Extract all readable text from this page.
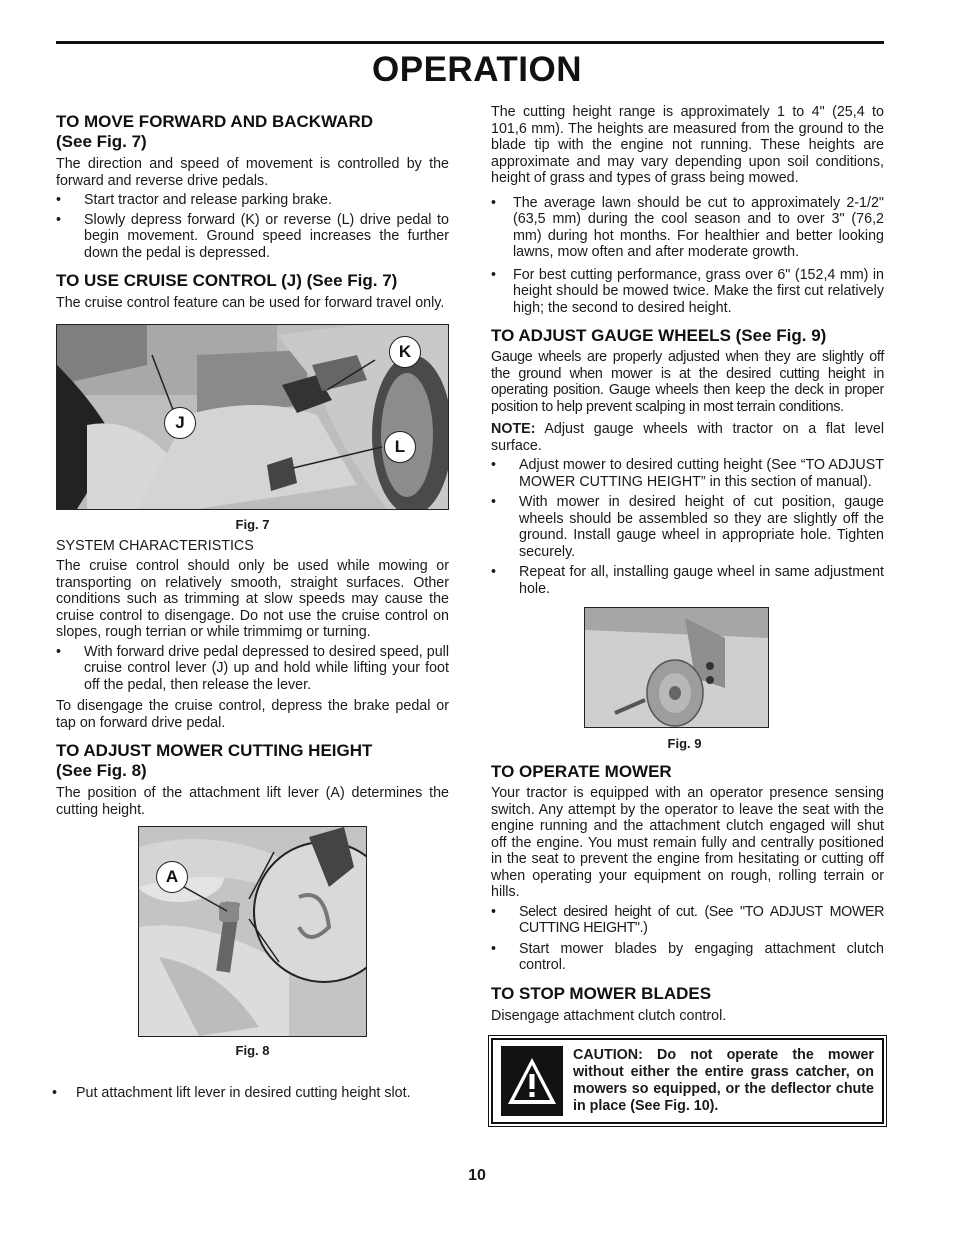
OPERATION
TO MOVE FORWARD AND BACKWARD
(See Fig. 7)

The direction and speed of movement is controlled by the forward and reverse drive pedals.

• Start tractor and release parking brake.
• Slowly depress forward (K) or reverse (L) drive pedal to begin movement. Ground speed increases the further down the pedal is depressed.
TO USE CRUISE CONTROL (J) (See Fig. 7)

The cruise control feature can be used for forward travel only.

J
K
L
Fig. 7

SYSTEM CHARACTERISTICS

The cruise control should only be used while mowing or transporting on relatively smooth, straight surfaces. Other conditions such as trimming at slow speeds may cause the cruise control to disengage. Do not use the cruise control on slopes, rough terrian or while trimmimg or turning.

• With forward drive pedal depressed to desired speed, pull cruise control lever (J) up and hold while lifting your foot off the pedal, then release the lever.

To disengage the cruise control, depress the brake pedal or tap on forward drive pedal.

TO ADJUST MOWER CUTTING HEIGHT
(See Fig. 8)

The position of the attachment lift lever (A) determines the cutting height.

A
Fig. 8
• Put attachment lift lever in desired cutting height slot.

The cutting height range is approximately 1 to 4" (25,4 to 101,6 mm). The heights are measured from the ground to the blade tip with the engine not running. These heights are approximate and may vary depending upon soil conditions, height of grass and types of grass being mowed.

• The average lawn should be cut to approximately 2-1/2" (63,5 mm) during the cool season and to over 3" (76,2 mm) during hot months. For healthier and better looking lawns, mow often and after moderate growth.
• For best cutting performance, grass over 6" (152,4 mm) in height should be mowed twice. Make the first cut relatively high; the second to desired height.
TO ADJUST GAUGE WHEELS (See Fig. 9)

Gauge wheels are properly adjusted when they are slightly off the ground when mower is at the desired cutting height in operating position. Gauge wheels then keep the deck in proper position to help prevent scalping in most terrain conditions.

NOTE: Adjust gauge wheels with tractor on a flat level surface.

• Adjust mower to desired cutting height (See “TO ADJUST MOWER CUTTING HEIGHT” in this section of manual).
• With mower in desired height of cut position, gauge wheels should be assembled so they are slightly off the ground. Install gauge wheel in appropriate hole. Tighten securely.
• Repeat for all, installing gauge wheel in same adjustment hole.
Fig. 9
TO OPERATE MOWER

Your tractor is equipped with an operator presence sensing switch. Any attempt by the operator to leave the seat with the engine running and the attachment clutch engaged will shut off the engine. You must remain fully and centrally positioned in the seat to prevent the engine from hesitating or cutting off when operating your equipment on rough, rolling terrain or hills.

• Select desired height of cut. (See "TO ADJUST MOWER CUTTING HEIGHT".)
• Start mower blades by engaging attachment clutch control.
TO STOP MOWER BLADES

Disengage attachment clutch control.

CAUTION: Do not operate the mower without either the entire grass catcher, on mowers so equipped, or the deflector chute in place (See Fig. 10).
10
